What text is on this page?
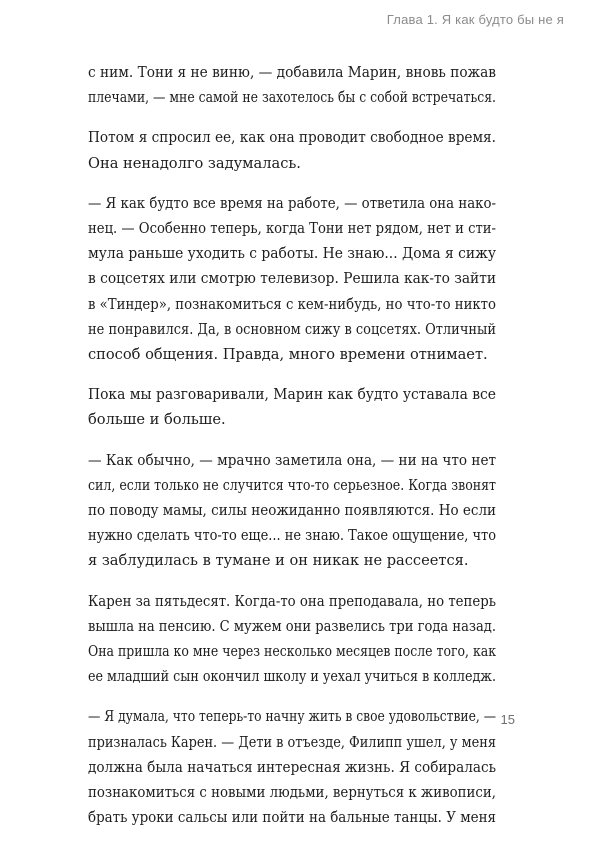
Глава 1. Я как будто бы не я
с ним. Тони я не виню, — добавила Марин, вновь пожав
плечами, — мне самой не захотелось бы с собой встречаться.
Потом я спросил ее, как она проводит свободное время.
Она ненадолго задумалась.
— Я как будто все время на работе, — ответила она нако-
нец. — Особенно теперь, когда Тони нет рядом, нет и сти-
мула раньше уходить с работы. Не знаю... Дома я сижу
в соцсетях или смотрю телевизор. Решила как-то зайти
в «Тиндер», познакомиться с кем-нибудь, но что-то никто
не понравился. Да, в основном сижу в соцсетях. Отличный
способ общения. Правда, много времени отнимает.
Пока мы разговаривали, Марин как будто уставала все
больше и больше.
— Как обычно, — мрачно заметила она, — ни на что нет
сил, если только не случится что-то серьезное. Когда звонят
по поводу мамы, силы неожиданно появляются. Но если
нужно сделать что-то еще... не знаю. Такое ощущение, что
я заблудилась в тумане и он никак не рассеется.
Карен за пятьдесят. Когда-то она преподавала, но теперь
вышла на пенсию. С мужем они развелись три года назад.
Она пришла ко мне через несколько месяцев после того, как
ее младший сын окончил школу и уехал учиться в колледж.
— Я думала, что теперь-то начну жить в свое удовольствие, —
призналась Карен. — Дети в отъезде, Филипп ушел, у меня
должна была начаться интересная жизнь. Я собиралась
познакомиться с новыми людьми, вернуться к живописи,
брать уроки сальсы или пойти на бальные танцы. У меня
15
